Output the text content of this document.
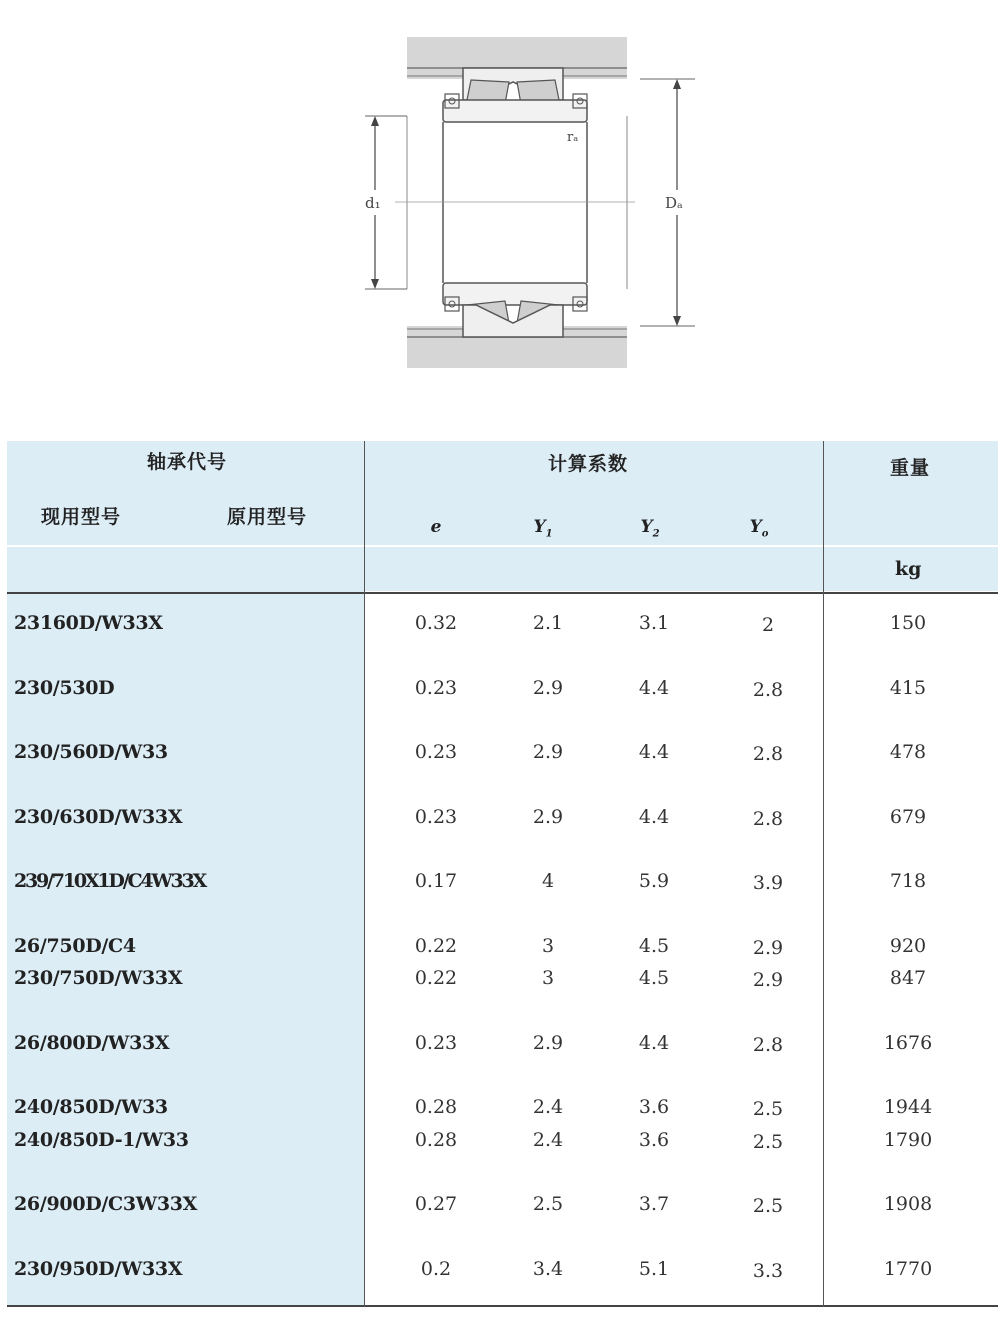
d₁	Dₐ
rₐ
轴承代号
现用型号	原用型号
计算系数	重量
kg
e	$Y_1$	$Y_2$	$Y_o$
23160D/W33X	0.32	2.1	3.1	2	150
230/530D	0.23	2.9	4.4	2.8	415
230/560D/W33	0.23	2.9	4.4	2.8	478
230/630D/W33X	0.23	2.9	4.4	2.8	679
239/710X1D/C4W33X	0.17	4	5.9	3.9	718
26/750D/C4	0.22	3	4.5	2.9	920
230/750D/W33X	0.22	3	4.5	2.9	847
26/800D/W33X	0.23	2.9	4.4	2.8	1676
240/850D/W33	0.28	2.4	3.6	2.5	1944
240/850D-1/W33	0.28	2.4	3.6	2.5	1790
26/900D/C3W33X	0.27	2.5	3.7	2.5	1908
230/950D/W33X	0.2	3.4	5.1	3.3	1770
